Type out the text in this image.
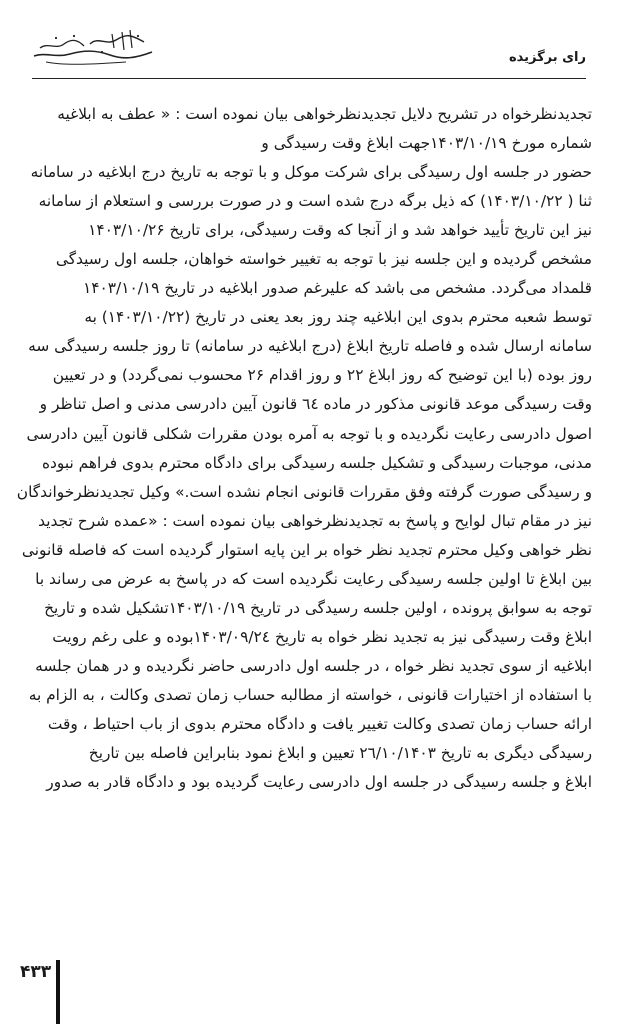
رای برگزیده
تجدیدنظرخواه در تشریح دلایل تجدیدنظرخواهی بیان نموده است : « عطف به ابلاغیه
شماره مورخ ۱۴۰۳/۱۰/۱۹جهت ابلاغ وقت رسیدگی و
حضور در جلسه اول رسیدگی برای شرکت موکل و با توجه به تاریخ درج ابلاغیه در سامانه
ثنا ( ۱۴۰۳/۱۰/۲۲) که ذیل برگه درج شده است و در صورت بررسی و استعلام از سامانه
نیز این تاریخ تأیید خواهد شد و از آنجا که وقت رسیدگی، برای تاریخ ۱۴۰۳/۱۰/۲۶
مشخص گردیده و این جلسه نیز با توجه به تغییر خواسته خواهان، جلسه اول رسیدگی
قلمداد می‌گردد. مشخص می باشد که علیرغم صدور ابلاغیه در تاریخ ۱۴۰۳/۱۰/۱۹
توسط شعبه محترم بدوی این ابلاغیه چند روز بعد یعنی در تاریخ (۱۴۰۳/۱۰/۲۲) به
سامانه ارسال شده و فاصله تاریخ ابلاغ (درج ابلاغیه در سامانه) تا روز جلسه رسیدگی سه
روز بوده (با این توضیح که روز ابلاغ ۲۲ و روز اقدام ۲۶ محسوب نمی‌گردد) و در تعیین
وقت رسیدگی موعد قانونی مذکور در ماده ٦٤ قانون آیین دادرسی مدنی و اصل تناظر و
اصول دادرسی رعایت نگردیده و با توجه به آمره بودن مقررات شکلی قانون آیین دادرسی
مدنی، موجبات رسیدگی و تشکیل جلسه رسیدگی برای دادگاه محترم بدوی فراهم نبوده
و رسیدگی صورت گرفته وفق مقررات قانونی انجام نشده است.» وکیل تجدیدنظرخواندگان
نیز در مقام تبال لوایح و پاسخ به تجدیدنظرخواهی بیان نموده است : «عمده شرح تجدید
نظر خواهی وکیل محترم تجدید نظر خواه بر این پایه استوار گردیده است که فاصله قانونی
بین ابلاغ تا اولین جلسه رسیدگی رعایت نگردیده است که در پاسخ به عرض می رساند با
توجه به سوابق پرونده ، اولین جلسه رسیدگی در تاریخ ۱۴۰۳/۱۰/۱۹تشکیل شده و تاریخ
ابلاغ وقت رسیدگی نیز به تجدید نظر خواه به تاریخ ۱۴۰۳/۰۹/۲٤بوده و علی رغم رویت
ابلاغیه از سوی تجدید نظر خواه ، در جلسه اول دادرسی حاضر نگردیده و در همان جلسه
با استفاده از اختیارات قانونی ، خواسته از مطالبه حساب زمان تصدی وکالت ، به الزام به
ارائه حساب زمان تصدی وکالت تغییر یافت و دادگاه محترم بدوی از باب احتیاط ، وقت
رسیدگی دیگری به تاریخ ۲٦/۱۰/۱۴۰۳ تعیین و ابلاغ نمود بنابراین فاصله بین تاریخ
ابلاغ و جلسه رسیدگی در جلسه اول دادرسی رعایت گردیده بود و دادگاه قادر به صدور
۴۳۳
